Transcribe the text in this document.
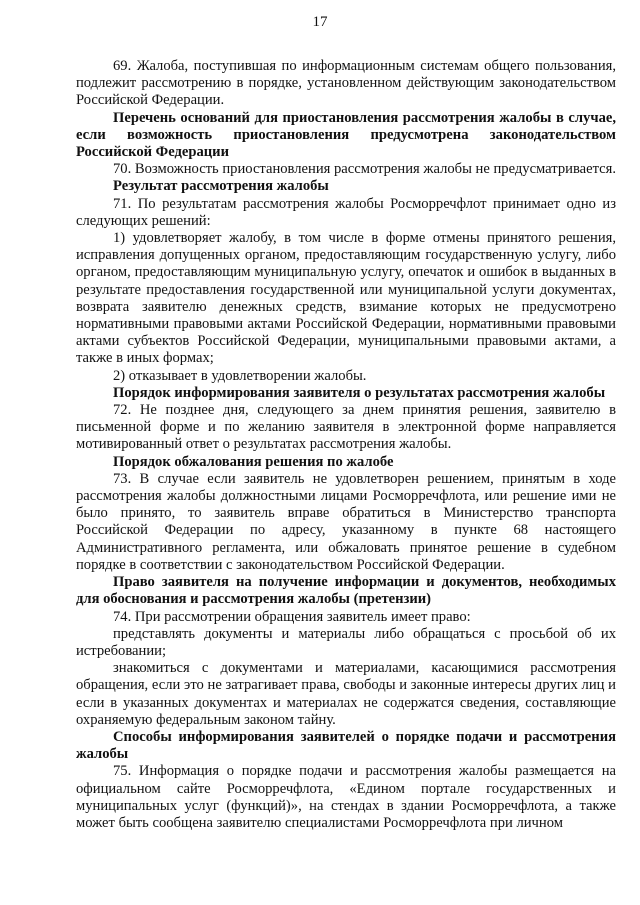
17

69. Жалоба, поступившая по информационным системам общего пользования, подлежит рассмотрению в порядке, установленном действующим законодательством Российской Федерации.

Перечень оснований для приостановления рассмотрения жалобы в случае, если возможность приостановления предусмотрена законодательством Российской Федерации

70. Возможность приостановления рассмотрения жалобы не предусматривается.

Результат рассмотрения жалобы

71. По результатам рассмотрения жалобы Росморречфлот принимает одно из следующих решений:

1) удовлетворяет жалобу, в том числе в форме отмены принятого решения, исправления допущенных органом, предоставляющим государственную услугу, либо органом, предоставляющим муниципальную услугу, опечаток и ошибок в выданных в результате предоставления государственной или муниципальной услуги документах, возврата заявителю денежных средств, взимание которых не предусмотрено нормативными правовыми актами Российской Федерации, нормативными правовыми актами субъектов Российской Федерации, муниципальными правовыми актами, а также в иных формах;

2) отказывает в удовлетворении жалобы.

Порядок информирования заявителя о результатах рассмотрения жалобы

72. Не позднее дня, следующего за днем принятия решения, заявителю в письменной форме и по желанию заявителя в электронной форме направляется мотивированный ответ о результатах рассмотрения жалобы.

Порядок обжалования решения по жалобе

73. В случае если заявитель не удовлетворен решением, принятым в ходе рассмотрения жалобы должностными лицами Росморречфлота, или решение ими не было принято, то заявитель вправе обратиться в Министерство транспорта Российской Федерации по адресу, указанному в пункте 68 настоящего Административного регламента, или обжаловать принятое решение в судебном порядке в соответствии с законодательством Российской Федерации.

Право заявителя на получение информации и документов, необходимых для обоснования и рассмотрения жалобы (претензии)

74. При рассмотрении обращения заявитель имеет право:

представлять документы и материалы либо обращаться с просьбой об их истребовании;

знакомиться с документами и материалами, касающимися рассмотрения обращения, если это не затрагивает права, свободы и законные интересы других лиц и если в указанных документах и материалах не содержатся сведения, составляющие охраняемую федеральным законом тайну.

Способы информирования заявителей о порядке подачи и рассмотрения жалобы

75. Информация о порядке подачи и рассмотрения жалобы размещается на официальном сайте Росморречфлота, «Едином портале государственных и муниципальных услуг (функций)», на стендах в здании Росморречфлота, а также может быть сообщена заявителю специалистами Росморречфлота при личном
